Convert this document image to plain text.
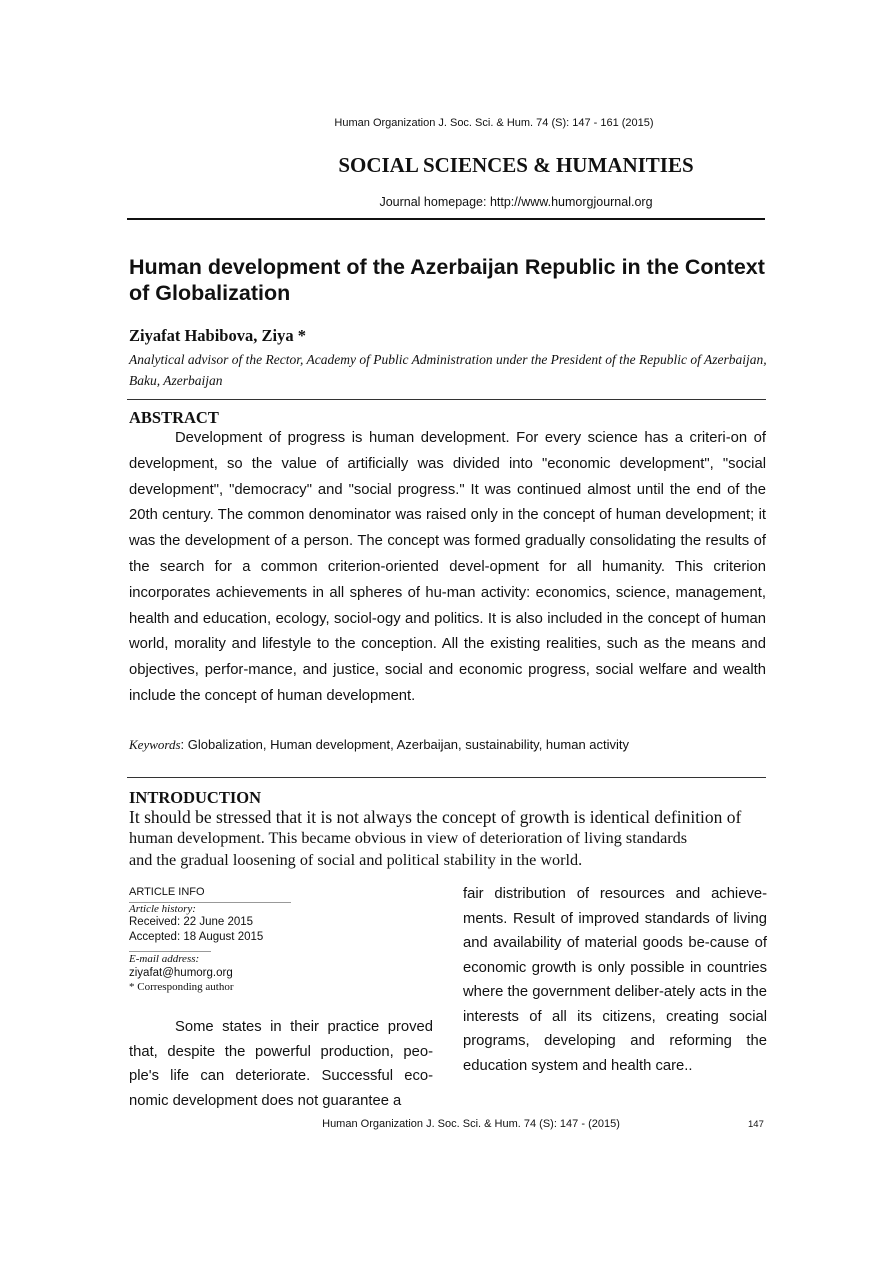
Human Organization J. Soc. Sci. & Hum. 74 (S): 147 - 161 (2015)
SOCIAL SCIENCES & HUMANITIES
Journal homepage: http://www.humorgjournal.org
Human development of the Azerbaijan Republic in the Context of Globalization
Ziyafat Habibova, Ziya *
Analytical advisor of the Rector, Academy of Public Administration under the President of the Republic of Azerbaijan, Baku, Azerbaijan
ABSTRACT
Development of progress is human development. For every science has a criteri-on of development, so the value of artificially was divided into "economic development", "social development", "democracy" and "social progress." It was continued almost until the end of the 20th century. The common denominator was raised only in the concept of human development; it was the development of a person. The concept was formed gradually consolidating the results of the search for a common criterion-oriented devel-opment for all humanity. This criterion incorporates achievements in all spheres of hu-man activity: economics, science, management, health and education, ecology, sociol-ogy and politics. It is also included in the concept of human world, morality and lifestyle to the conception. All the existing realities, such as the means and objectives, perfor-mance, and justice, social and economic progress, social welfare and wealth include the concept of human development.
Keywords: Globalization, Human development, Azerbaijan, sustainability, human activity
INTRODUCTION
It should be stressed that it is not always the concept of growth is identical definition of
human development. This became obvious in view of deterioration of living standards
and the gradual loosening of social and political stability in the world.
ARTICLE INFO
Article history:
Received: 22 June 2015
Accepted: 18 August 2015
E-mail address:
ziyafat@humorg.org
* Corresponding author
Some states in their practice proved that, despite the powerful production, peo-ple's life can deteriorate. Successful eco-nomic development does not guarantee a
fair distribution of resources and achieve-ments. Result of improved standards of living and availability of material goods be-cause of economic growth is only possible in countries where the government deliber-ately acts in the interests of all its citizens, creating social programs, developing and reforming the education system and health care..
Human Organization J. Soc. Sci. & Hum. 74 (S): 147 - (2015)	147
